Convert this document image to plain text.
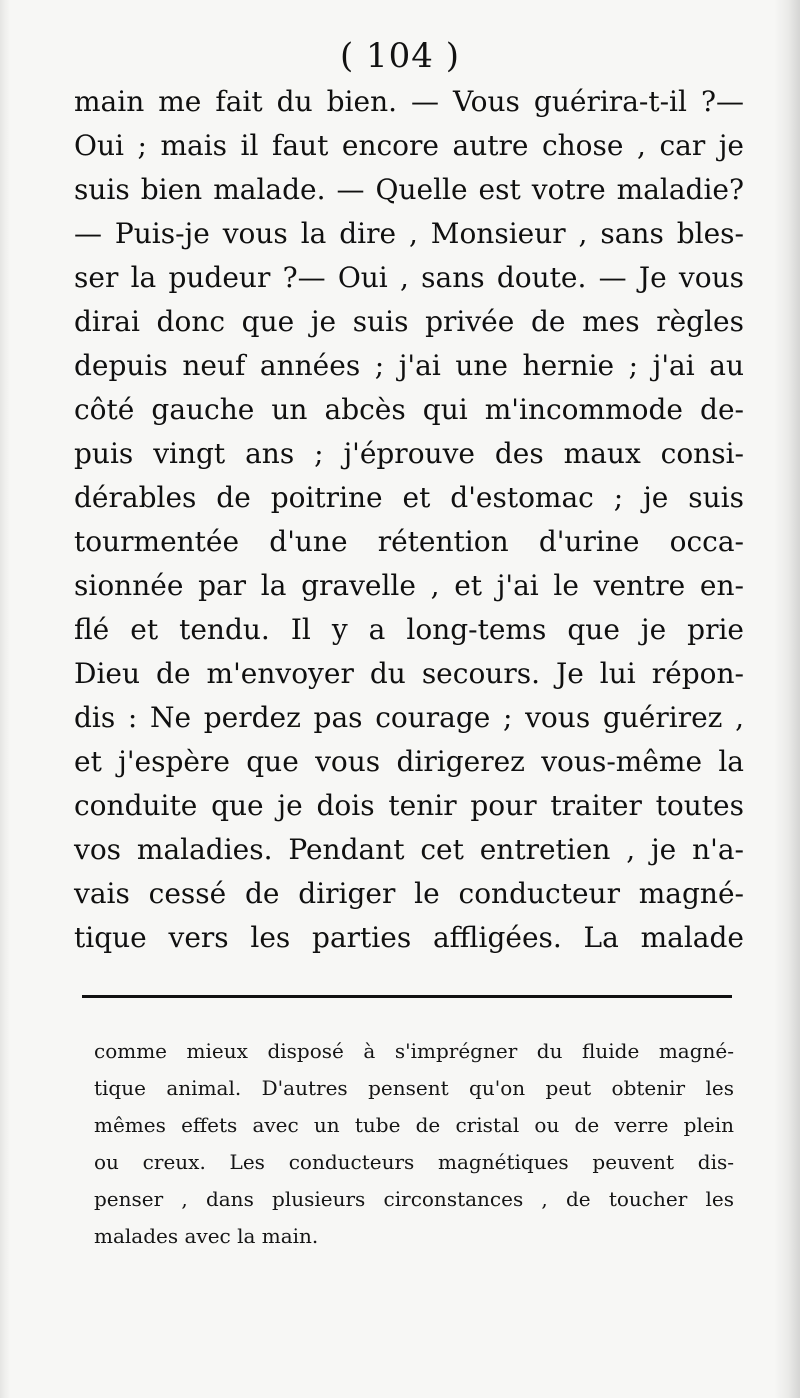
( 104 )
main me fait du bien. — Vous guérira-t-il ?—
Oui ; mais il faut encore autre chose , car je
suis bien malade. — Quelle est votre maladie?
— Puis-je vous la dire , Monsieur , sans bles-
ser la pudeur ?— Oui , sans doute. — Je vous
dirai donc que je suis privée de mes règles
depuis neuf années ; j'ai une hernie ; j'ai au
côté gauche un abcès qui m'incommode de-
puis vingt ans ; j'éprouve des maux consi-
dérables de poitrine et d'estomac ; je suis
tourmentée d'une rétention d'urine occa-
sionnée par la gravelle , et j'ai le ventre en-
flé et tendu. Il y a long-tems que je prie
Dieu de m'envoyer du secours. Je lui répon-
dis : Ne perdez pas courage ; vous guérirez ,
et j'espère que vous dirigerez vous-même la
conduite que je dois tenir pour traiter toutes
vos maladies. Pendant cet entretien , je n'a-
vais cessé de diriger le conducteur magné-
tique vers les parties affligées. La malade
comme mieux disposé à s'imprégner du fluide magné-
tique animal. D'autres pensent qu'on peut obtenir les
mêmes effets avec un tube de cristal ou de verre plein
ou creux. Les conducteurs magnétiques peuvent dis-
penser , dans plusieurs circonstances , de toucher les
malades avec la main.
